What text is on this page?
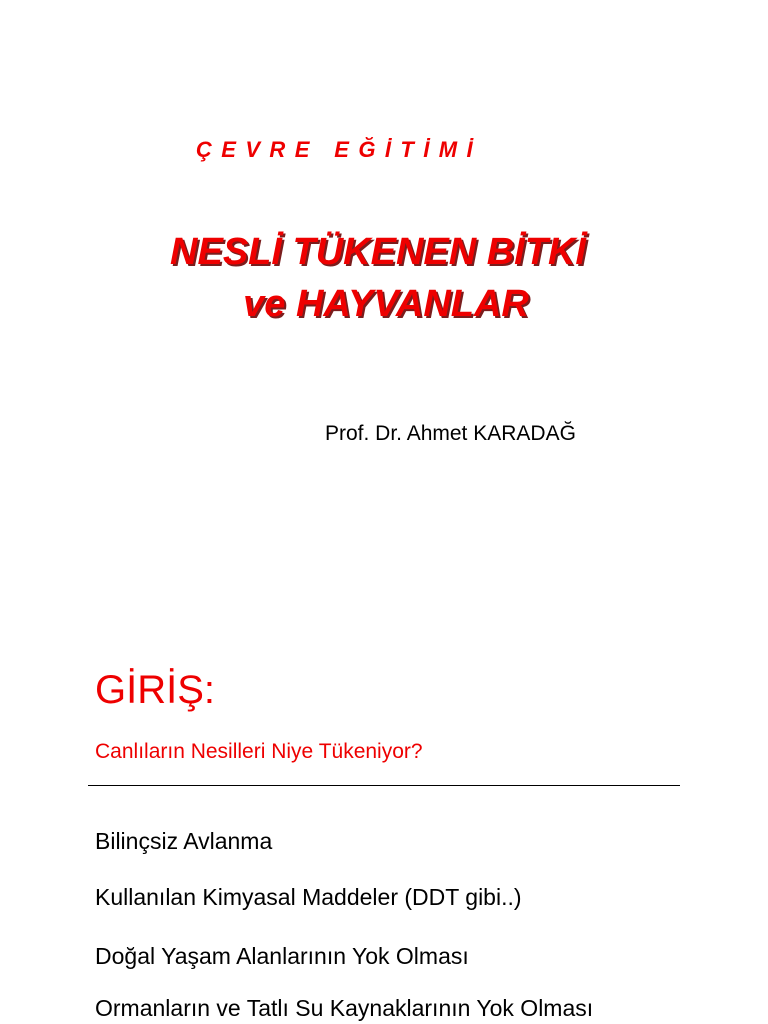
ÇEVRE EĞİTİMİ
NESLİ TÜKENEN BİTKİ
ve HAYVANLAR
Prof. Dr. Ahmet KARADAĞ
GİRİŞ:
Canlıların Nesilleri Niye Tükeniyor?
Bilinçsiz Avlanma
Kullanılan Kimyasal Maddeler (DDT gibi..)
Doğal Yaşam Alanlarının Yok Olması
Ormanların ve Tatlı Su Kaynaklarının Yok Olması
